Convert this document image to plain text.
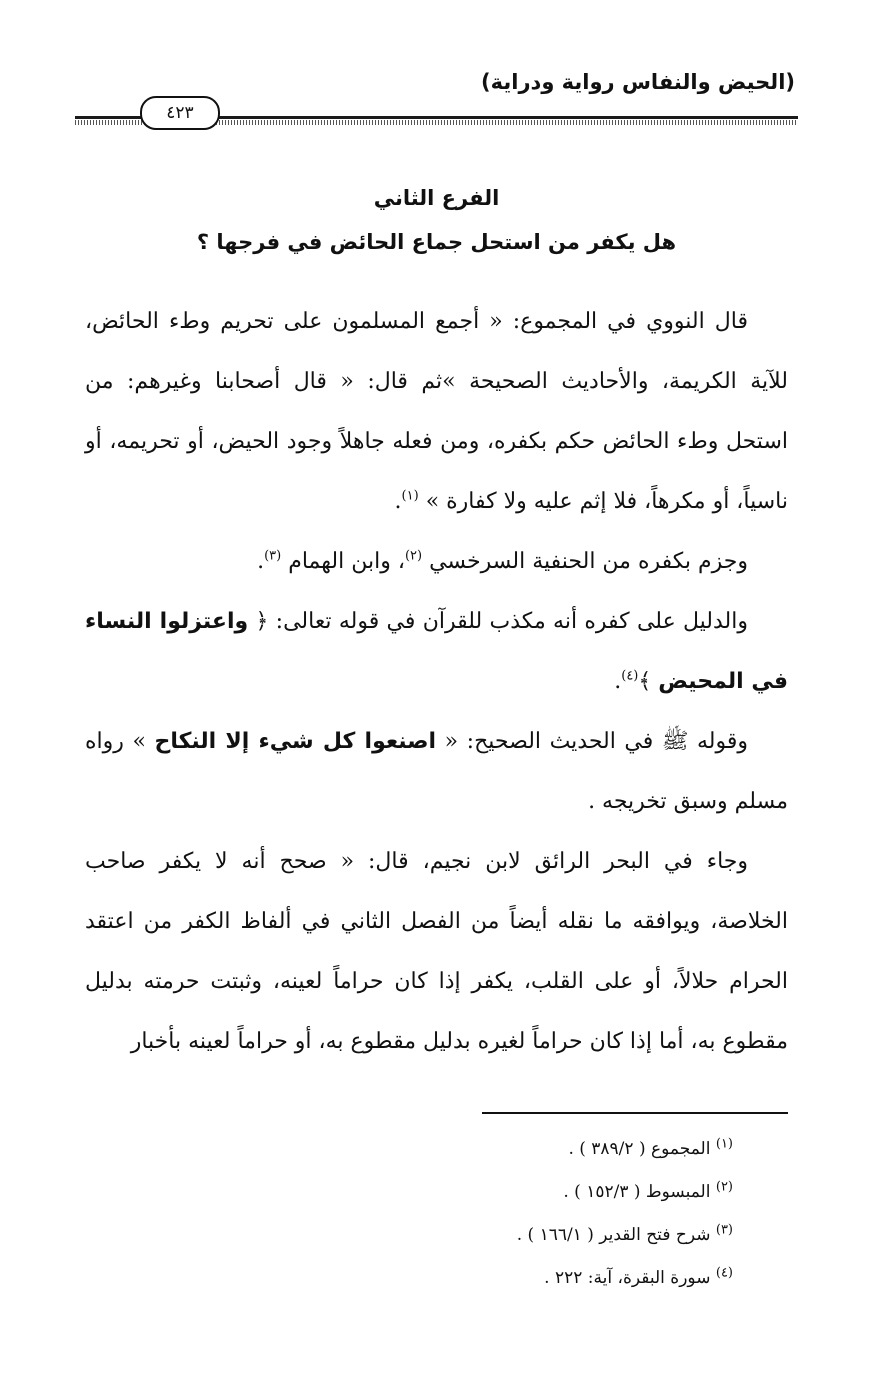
(الحيض والنفاس رواية ودراية)
٤٢٣
الفرع الثاني
هل يكفر من استحل جماع الحائض في فرجها ؟

قال النووي في المجموع: « أجمع المسلمون على تحريم وطء الحائض، للآية الكريمة، والأحاديث الصحيحة »ثم قال: « قال أصحابنا وغيرهم: من استحل وطء الحائض حكم بكفره، ومن فعله جاهلاً وجود الحيض، أو تحريمه، أو ناسياً، أو مكرهاً، فلا إثم عليه ولا كفارة » $^{(١)}$.

وجزم بكفره من الحنفية السرخسي $^{(٢)}$، وابن الهمام $^{(٣)}$.

والدليل على كفره أنه مكذب للقرآن في قوله تعالى: ﴿ واعتزلوا النساء في المحيض ﴾$^{(٤)}$.

وقوله ﷺ في الحديث الصحيح: « اصنعوا كل شيء إلا النكاح » رواه مسلم وسبق تخريجه .

وجاء في البحر الرائق لابن نجيم، قال: « صحح أنه لا يكفر صاحب الخلاصة، ويوافقه ما نقله أيضاً من الفصل الثاني في ألفاظ الكفر من اعتقد الحرام حلالاً، أو على القلب، يكفر إذا كان حراماً لعينه، وثبتت حرمته بدليل مقطوع به، أما إذا كان حراماً لغيره بدليل مقطوع به، أو حراماً لعينه بأخبار

$^{(١)}$ المجموع ( ٣٨٩/٢ ) .
$^{(٢)}$ المبسوط ( ١٥٢/٣ ) .
$^{(٣)}$ شرح فتح القدير ( ١٦٦/١ ) .
$^{(٤)}$ سورة البقرة، آية: ٢٢٢ .
